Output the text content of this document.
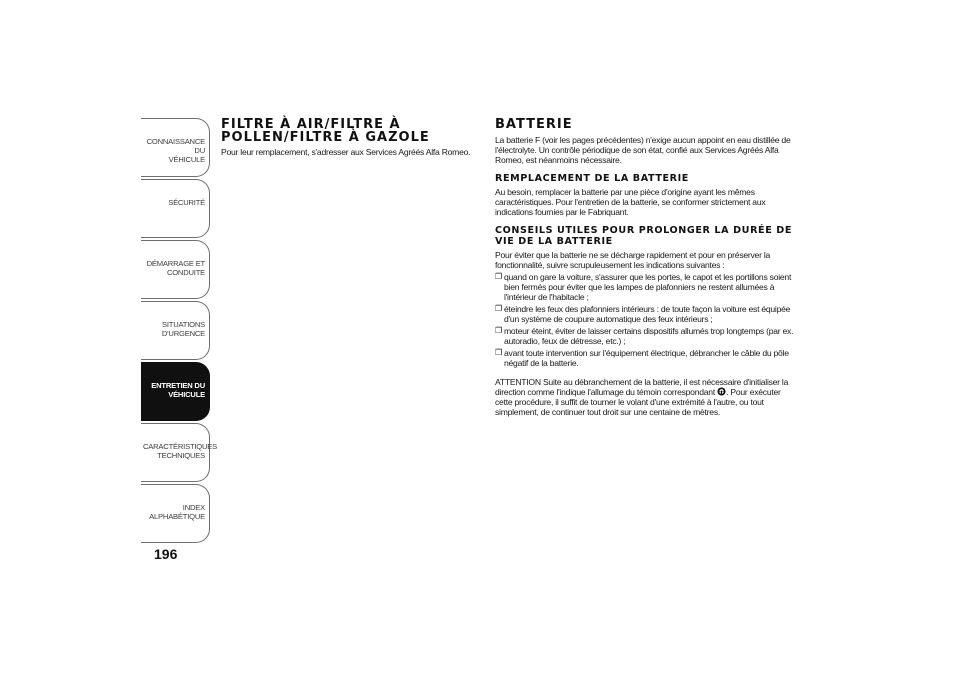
CONNAISSANCE DU
VÉHICULE
SÉCURITÉ
DÉMARRAGE ET
CONDUITE
SITUATIONS
D'URGENCE
ENTRETIEN DU
VÉHICULE
CARACTÉRISTIQUES
TECHNIQUES
INDEX
ALPHABÉTIQUE
196
FILTRE À AIR/FILTRE À POLLEN/FILTRE À GAZOLE

Pour leur remplacement, s'adresser aux Services Agréés Alfa Romeo.

BATTERIE

La batterie F (voir les pages précédentes) n'exige aucun appoint en eau distillée de l'électrolyte. Un contrôle périodique de son état, confié aux Services Agréés Alfa Romeo, est néanmoins nécessaire.

REMPLACEMENT DE LA BATTERIE

Au besoin, remplacer la batterie par une pièce d'origine ayant les mêmes caractéristiques. Pour l'entretien de la batterie, se conformer strictement aux indications fournies par le Fabriquant.

CONSEILS UTILES POUR PROLONGER LA DURÉE DE VIE DE LA BATTERIE

Pour éviter que la batterie ne se décharge rapidement et pour en préserver la fonctionnalité, suivre scrupuleusement les indications suivantes :

❒ quand on gare la voiture, s'assurer que les portes, le capot et les portillons soient bien fermés pour éviter que les lampes de plafonniers ne restent allumées à l'intérieur de l'habitacle ;
❒ éteindre les feux des plafonniers intérieurs : de toute façon la voiture est équipée d'un système de coupure automatique des feux intérieurs ;
❒ moteur éteint, éviter de laisser certains dispositifs allumés trop longtemps (par ex. autoradio, feux de détresse, etc.) ;
❒ avant toute intervention sur l'équipement électrique, débrancher le câble du pôle négatif de la batterie.

ATTENTION Suite au débranchement de la batterie, il est nécessaire d'initialiser la direction comme l'indique l'allumage du témoin correspondant . Pour exécuter cette procédure, il suffit de tourner le volant d'une extrémité à l'autre, ou tout simplement, de continuer tout droit sur une centaine de mètres.
